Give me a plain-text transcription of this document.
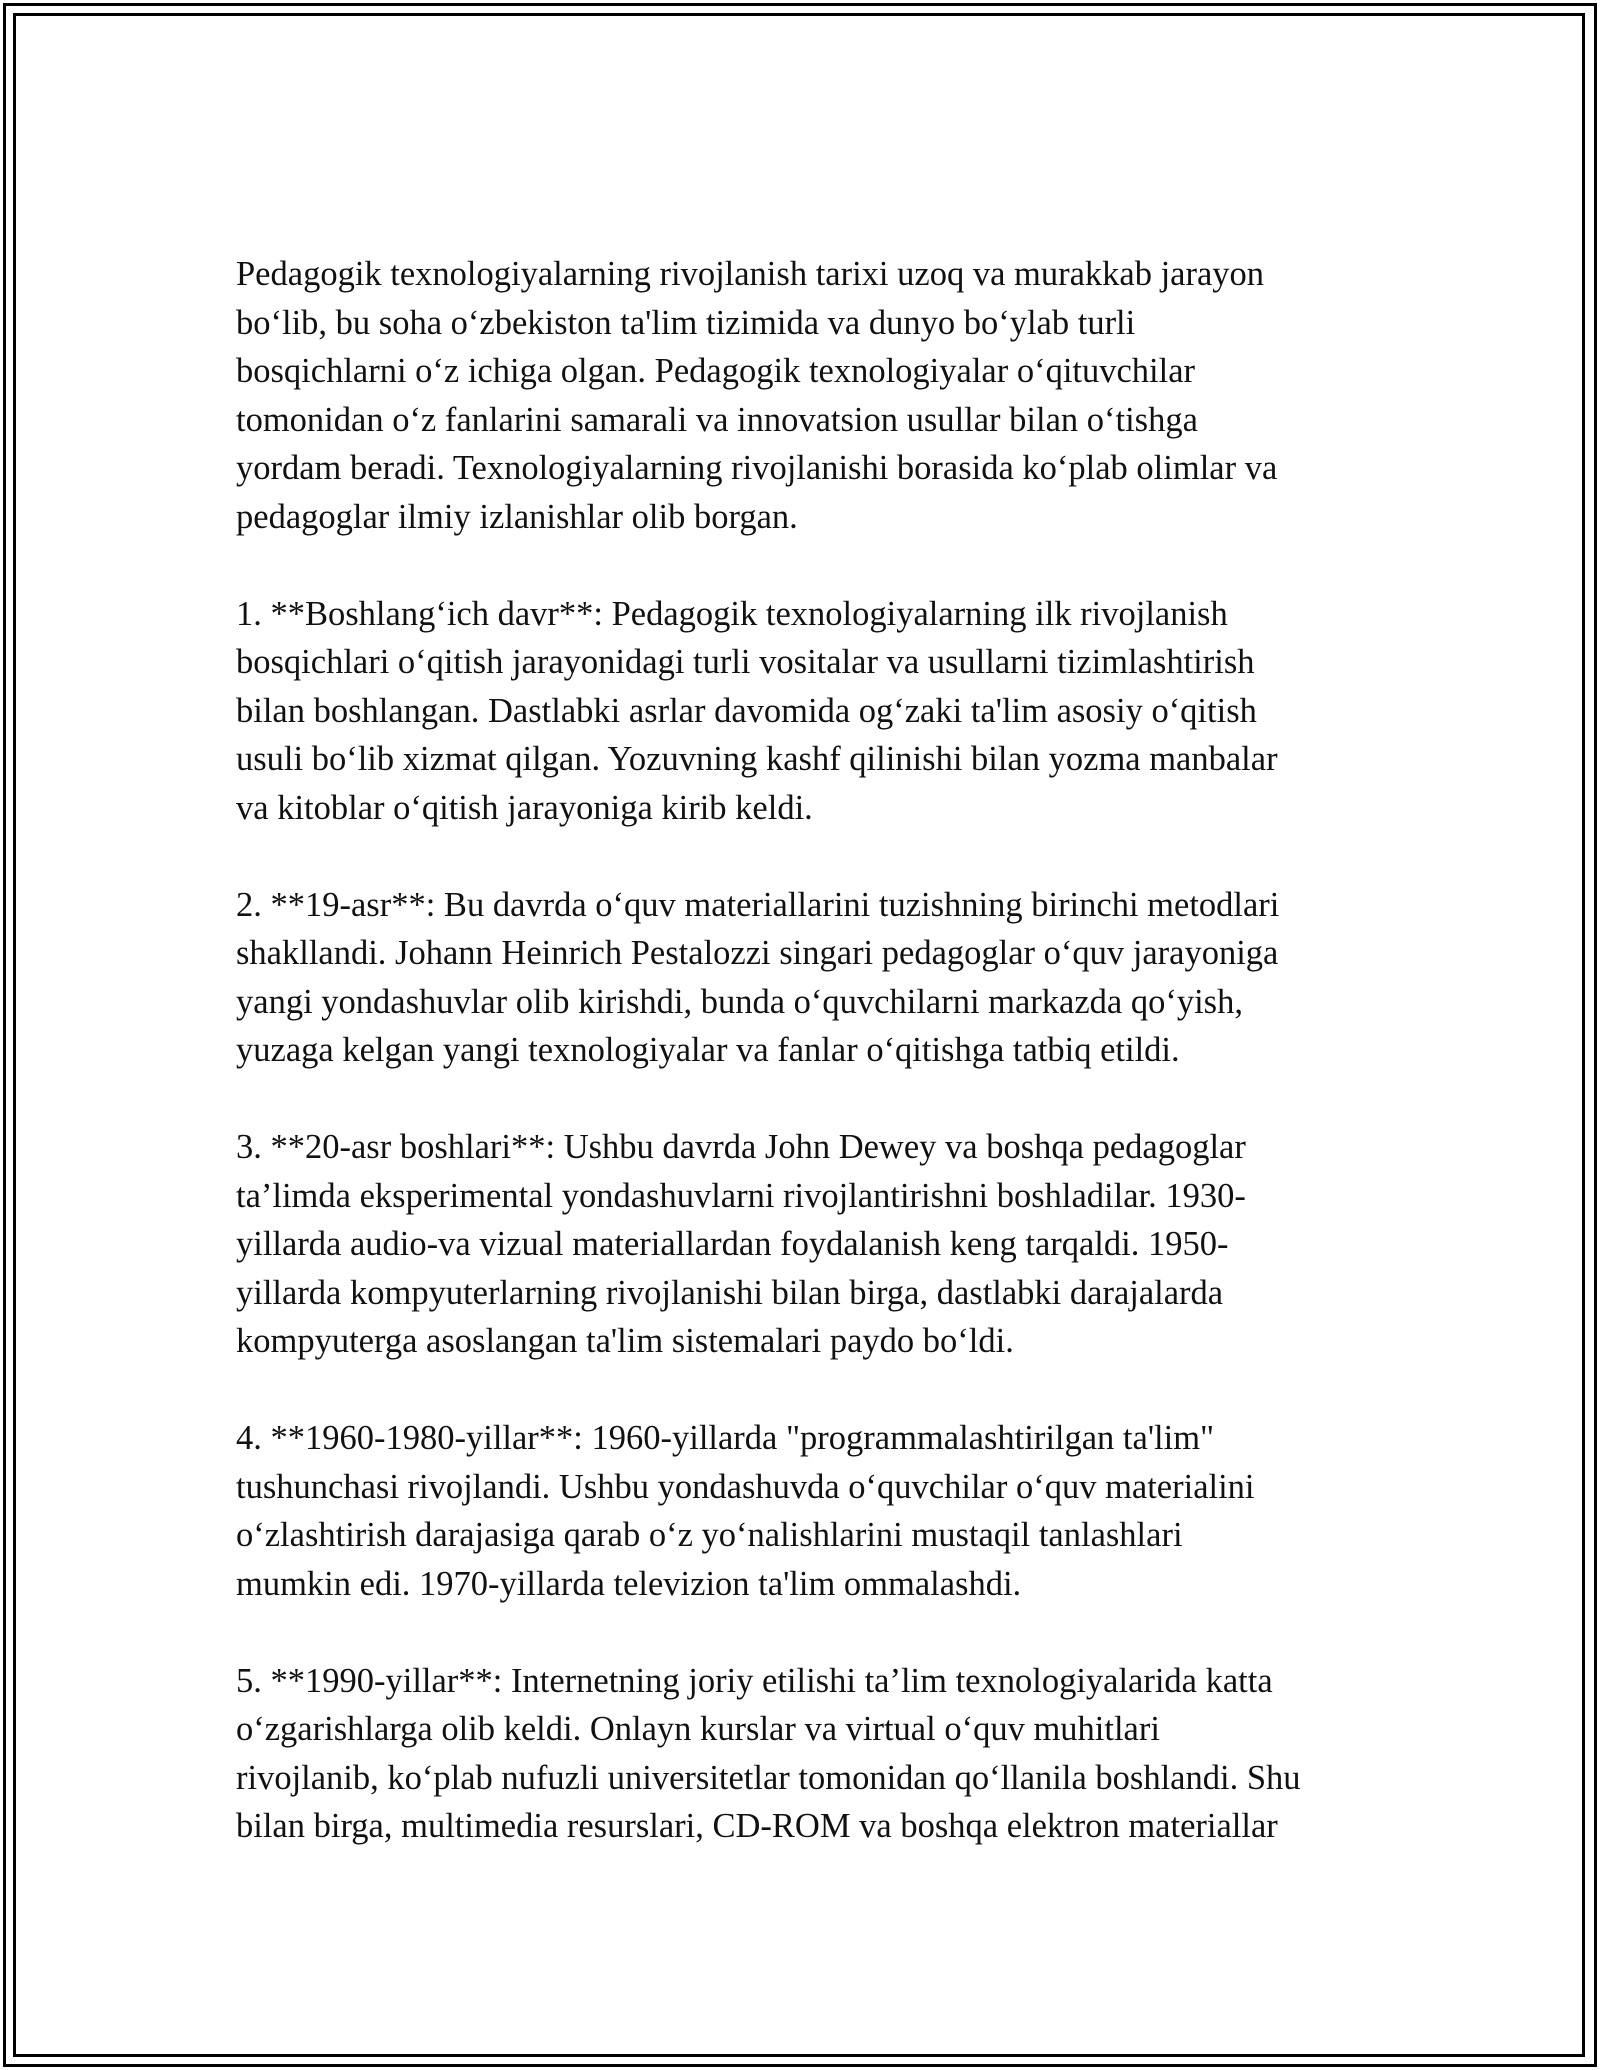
Pedagogik texnologiyalarning rivojlanish tarixi uzoq va murakkab jarayon
bo‘lib, bu soha o‘zbekiston ta'lim tizimida va dunyo bo‘ylab turli
bosqichlarni o‘z ichiga olgan. Pedagogik texnologiyalar o‘qituvchilar
tomonidan o‘z fanlarini samarali va innovatsion usullar bilan o‘tishga
yordam beradi. Texnologiyalarning rivojlanishi borasida ko‘plab olimlar va
pedagoglar ilmiy izlanishlar olib borgan.

1. **Boshlang‘ich davr**: Pedagogik texnologiyalarning ilk rivojlanish
bosqichlari o‘qitish jarayonidagi turli vositalar va usullarni tizimlashtirish
bilan boshlangan. Dastlabki asrlar davomida og‘zaki ta'lim asosiy o‘qitish
usuli bo‘lib xizmat qilgan. Yozuvning kashf qilinishi bilan yozma manbalar
va kitoblar o‘qitish jarayoniga kirib keldi.

2. **19-asr**: Bu davrda o‘quv materiallarini tuzishning birinchi metodlari
shakllandi. Johann Heinrich Pestalozzi singari pedagoglar o‘quv jarayoniga
yangi yondashuvlar olib kirishdi, bunda o‘quvchilarni markazda qo‘yish,
yuzaga kelgan yangi texnologiyalar va fanlar o‘qitishga tatbiq etildi.

3. **20-asr boshlari**: Ushbu davrda John Dewey va boshqa pedagoglar
ta’limda eksperimental yondashuvlarni rivojlantirishni boshladilar. 1930-
yillarda audio-va vizual materiallardan foydalanish keng tarqaldi. 1950-
yillarda kompyuterlarning rivojlanishi bilan birga, dastlabki darajalarda
kompyuterga asoslangan ta'lim sistemalari paydo bo‘ldi.

4. **1960-1980-yillar**: 1960-yillarda "programmalashtirilgan ta'lim"
tushunchasi rivojlandi. Ushbu yondashuvda o‘quvchilar o‘quv materialini
o‘zlashtirish darajasiga qarab o‘z yo‘nalishlarini mustaqil tanlashlari
mumkin edi. 1970-yillarda televizion ta'lim ommalashdi.

5. **1990-yillar**: Internetning joriy etilishi ta’lim texnologiyalarida katta
o‘zgarishlarga olib keldi. Onlayn kurslar va virtual o‘quv muhitlari
rivojlanib, ko‘plab nufuzli universitetlar tomonidan qo‘llanila boshlandi. Shu
bilan birga, multimedia resurslari, CD-ROM va boshqa elektron materiallar
